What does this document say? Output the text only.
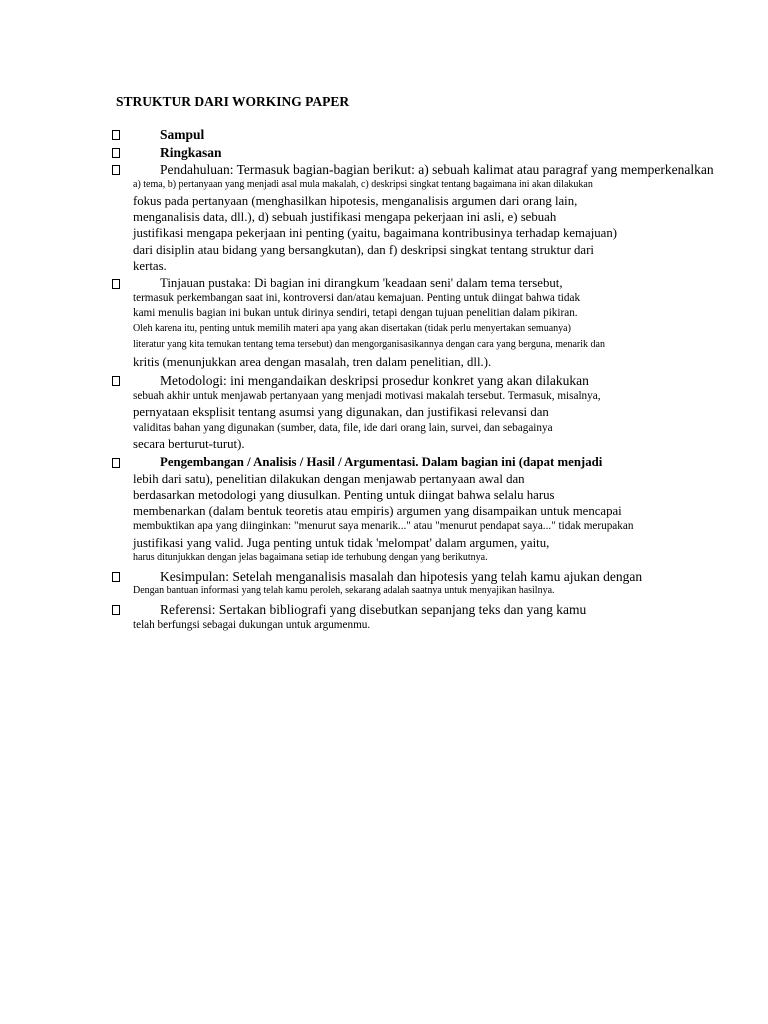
STRUKTUR DARI WORKING PAPER
Sampul
Ringkasan
Pendahuluan: Termasuk bagian-bagian berikut: a) sebuah kalimat atau paragraf yang memperkenalkan
a) tema, b) pertanyaan yang menjadi asal mula makalah, c) deskripsi singkat tentang bagaimana ini akan dilakukan
fokus pada pertanyaan (menghasilkan hipotesis, menganalisis argumen dari orang lain,
menganalisis data, dll.), d) sebuah justifikasi mengapa pekerjaan ini asli, e) sebuah
justifikasi mengapa pekerjaan ini penting (yaitu, bagaimana kontribusinya terhadap kemajuan)
dari disiplin atau bidang yang bersangkutan), dan f) deskripsi singkat tentang struktur dari
kertas.
Tinjauan pustaka: Di bagian ini dirangkum 'keadaan seni' dalam tema tersebut,
termasuk perkembangan saat ini, kontroversi dan/atau kemajuan. Penting untuk diingat bahwa tidak
kami menulis bagian ini bukan untuk dirinya sendiri, tetapi dengan tujuan penelitian dalam pikiran.
Oleh karena itu, penting untuk memilih materi apa yang akan disertakan (tidak perlu menyertakan semuanya)
literatur yang kita temukan tentang tema tersebut) dan mengorganisasikannya dengan cara yang berguna, menarik dan
kritis (menunjukkan area dengan masalah, tren dalam penelitian, dll.).
Metodologi: ini mengandaikan deskripsi prosedur konkret yang akan dilakukan
sebuah akhir untuk menjawab pertanyaan yang menjadi motivasi makalah tersebut. Termasuk, misalnya,
pernyataan eksplisit tentang asumsi yang digunakan, dan justifikasi relevansi dan
validitas bahan yang digunakan (sumber, data, file, ide dari orang lain, survei, dan sebagainya
secara berturut-turut).
Pengembangan / Analisis / Hasil / Argumentasi. Dalam bagian ini (dapat menjadi
lebih dari satu), penelitian dilakukan dengan menjawab pertanyaan awal dan
berdasarkan metodologi yang diusulkan. Penting untuk diingat bahwa selalu harus
membenarkan (dalam bentuk teoretis atau empiris) argumen yang disampaikan untuk mencapai
membuktikan apa yang diinginkan: "menurut saya menarik..." atau "menurut pendapat saya..." tidak merupakan
justifikasi yang valid. Juga penting untuk tidak 'melompat' dalam argumen, yaitu,
harus ditunjukkan dengan jelas bagaimana setiap ide terhubung dengan yang berikutnya.
Kesimpulan: Setelah menganalisis masalah dan hipotesis yang telah kamu ajukan dengan
Dengan bantuan informasi yang telah kamu peroleh, sekarang adalah saatnya untuk menyajikan hasilnya.
Referensi: Sertakan bibliografi yang disebutkan sepanjang teks dan yang kamu
telah berfungsi sebagai dukungan untuk argumenmu.
